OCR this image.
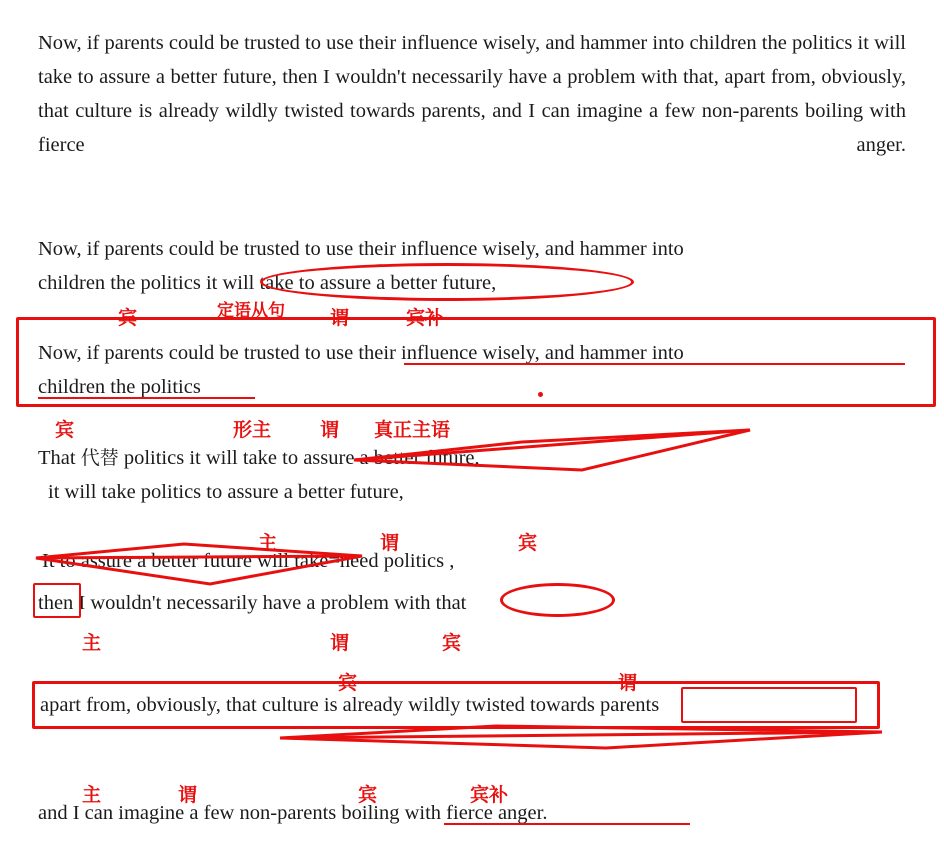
Now, if parents could be trusted to use their influence wisely, and hammer into children the politics it will take to assure a better future, then I wouldn't necessarily have a problem with that, apart from, obviously, that culture is already wildly twisted towards parents, and I can imagine a few non-parents boiling with fierce anger.
Now, if parents could be trusted to use their influence wisely, and hammer into
children the politics it will take to assure a better future,
定语从句
宾	谓	宾补
Now, if parents could be trusted to use their influence wisely, and hammer into
children the politics
宾	形主	谓 真正主语
That 代替 politics it will take to assure a better future,
it will take politics to assure a better future,
主	谓	宾
It to assure a better future will take=need politics ,
then I wouldn't necessarily have a problem with that
主	谓	宾
宾	谓
apart from, obviously, that culture is already wildly twisted towards parents
主	谓	宾	宾补
and I can imagine a few non-parents boiling with fierce anger.
